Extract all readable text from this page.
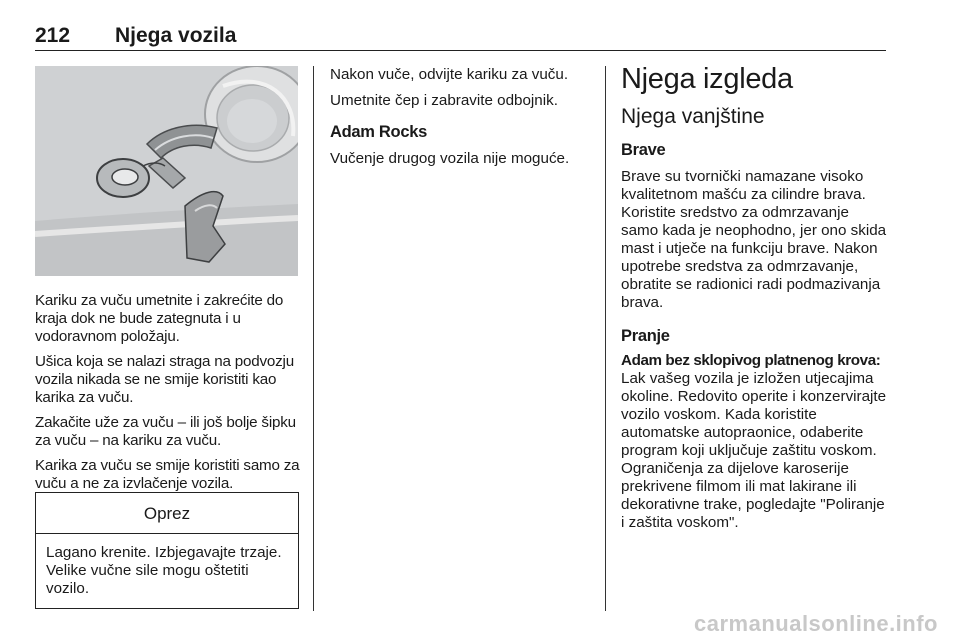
212 Njega vozila

Kariku za vuču umetnite i zakrećite do kraja dok ne bude zategnuta i u vodoravnom položaju.

Ušica koja se nalazi straga na podvozju vozila nikada se ne smije koristiti kao karika za vuču.

Zakačite uže za vuču – ili još bolje šipku za vuču – na kariku za vuču.

Karika za vuču se smije koristiti samo za vuču a ne za izvlačenje vozila.

Oprez
Lagano krenite. Izbjegavajte trzaje. Velike vučne sile mogu oštetiti vozilo.

Nakon vuče, odvijte kariku za vuču.

Umetnite čep i zabravite odbojnik.

Adam Rocks

Vučenje drugog vozila nije moguće.

Njega izgleda
Njega vanjštine
Brave

Brave su tvornički namazane visoko kvalitetnom mašću za cilindre brava. Koristite sredstvo za odmrzavanje samo kada je neophodno, jer ono skida mast i utječe na funkciju brave. Nakon upotrebe sredstva za odmrzavanje, obratite se radionici radi podmazivanja brava.

Pranje

Adam bez sklopivog platnenog krova:
Lak vašeg vozila je izložen utjecajima okoline. Redovito operite i konzervirajte vozilo voskom. Kada koristite automatske autopraonice, odaberite program koji uključuje zaštitu voskom. Ograničenja za dijelove karoserije prekrivene filmom ili mat lakirane ili dekorativne trake, pogledajte "Poliranje i zaštita voskom".

carmanualsonline.info
